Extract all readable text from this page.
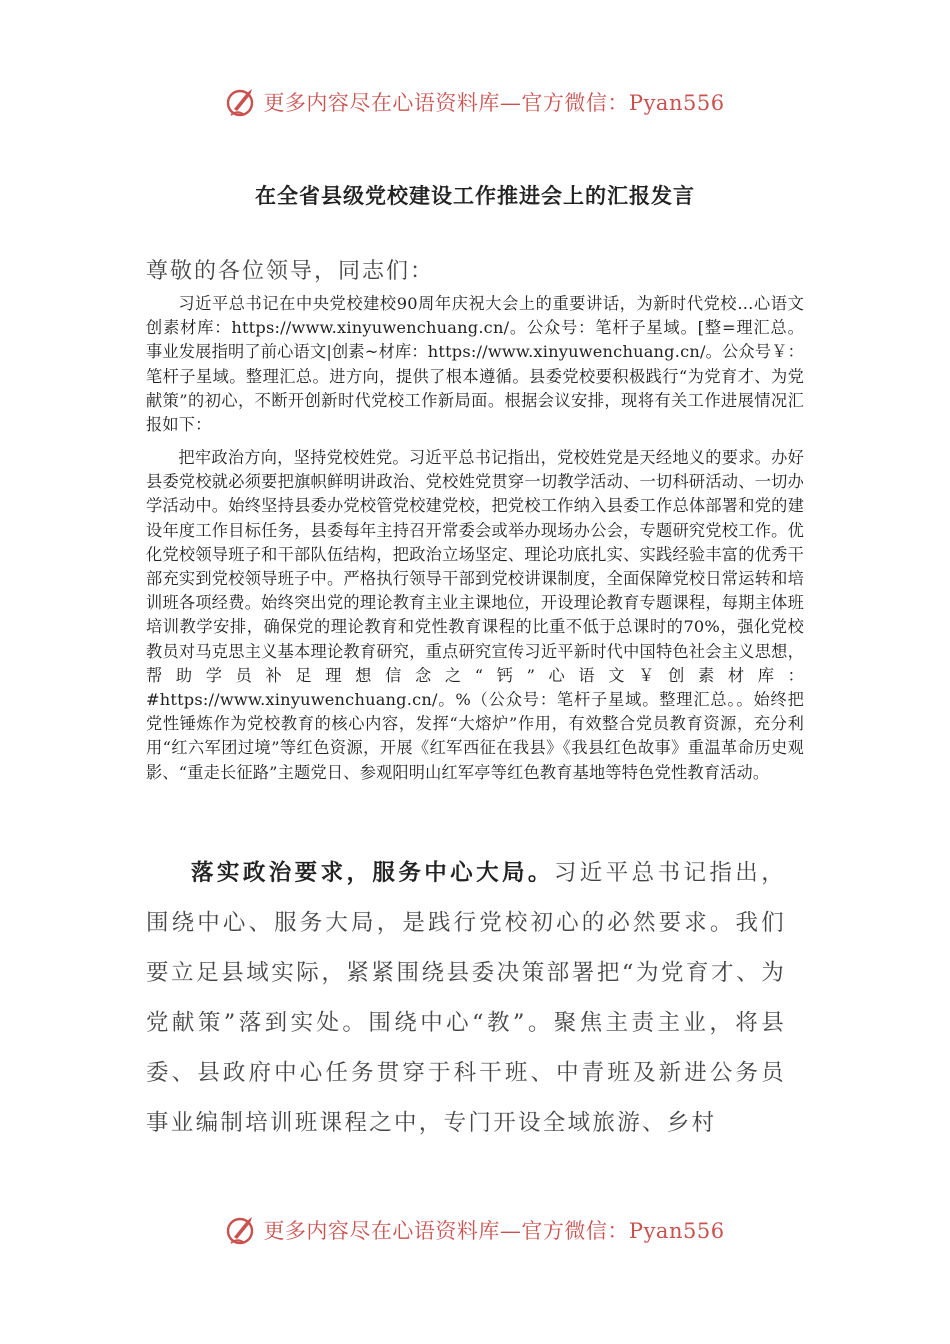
更多内容尽在心语资料库—官方微信：Pyan556
在全省县级党校建设工作推进会上的汇报发言

尊敬的各位领导，同志们：

习近平总书记在中央党校建校90周年庆祝大会上的重要讲话，为新时代党校…心语文创素材库：https://www.xinyuwenchuang.cn/。公众号：笔杆子星域。[整=理汇总。事业发展指明了前心语文|创素~材库：https://www.xinyuwenchuang.cn/。公众号￥：笔杆子星域。整理汇总。进方向，提供了根本遵循。县委党校要积极践行“为党育才、为党献策”的初心，不断开创新时代党校工作新局面。根据会议安排，现将有关工作进展情况汇报如下：

把牢政治方向，坚持党校姓党。习近平总书记指出，党校姓党是天经地义的要求。办好县委党校就必须要把旗帜鲜明讲政治、党校姓党贯穿一切教学活动、一切科研活动、一切办学活动中。始终坚持县委办党校管党校建党校，把党校工作纳入县委工作总体部署和党的建设年度工作目标任务，县委每年主持召开常委会或举办现场办公会，专题研究党校工作。优化党校领导班子和干部队伍结构，把政治立场坚定、理论功底扎实、实践经验丰富的优秀干部充实到党校领导班子中。严格执行领导干部到党校讲课制度，全面保障党校日常运转和培训班各项经费。始终突出党的理论教育主业主课地位，开设理论教育专题课程，每期主体班培训教学安排，确保党的理论教育和党性教育课程的比重不低于总课时的70%，强化党校教员对马克思主义基本理论教育研究，重点研究宣传习近平新时代中国特色社会主义思想，帮助学员补足理想信念之“钙”心语文￥创素材库：#https://www.xinyuwenchuang.cn/。%（公众号：笔杆子星域。整理汇总。。始终把党性锤炼作为党校教育的核心内容，发挥“大熔炉”作用，有效整合党员教育资源，充分利用“红六军团过境”等红色资源，开展《红军西征在我县》《我县红色故事》重温革命历史观影、“重走长征路”主题党日、参观阳明山红军亭等红色教育基地等特色党性教育活动。

落实政治要求，服务中心大局。习近平总书记指出，围绕中心、服务大局，是践行党校初心的必然要求。我们要立足县域实际，紧紧围绕县委决策部署把“为党育才、为党献策”落到实处。围绕中心“教”。聚焦主责主业，将县委、县政府中心任务贯穿于科干班、中青班及新进公务员事业编制培训班课程之中，专门开设全域旅游、乡村

更多内容尽在心语资料库—官方微信：Pyan556
